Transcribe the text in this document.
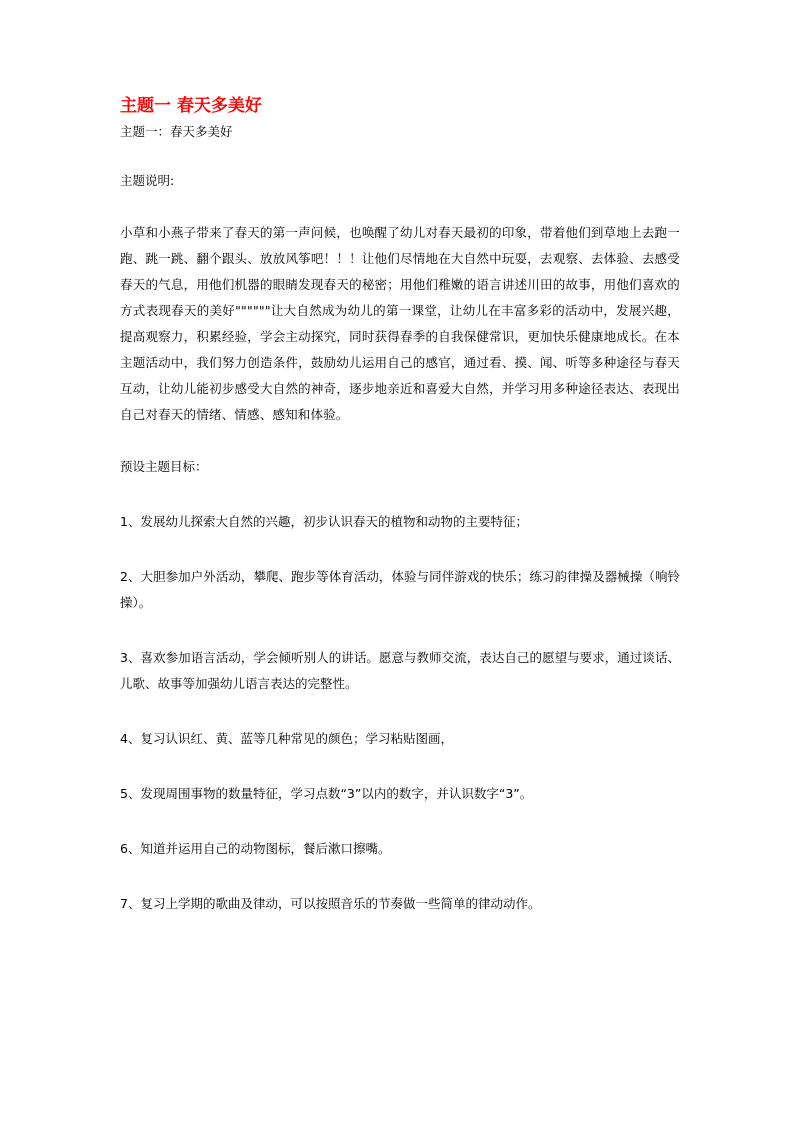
主题一 春天多美好

主题一：春天多美好

主题说明:

小草和小燕子带来了春天的第一声问候，也唤醒了幼儿对春天最初的印象，带着他们到草地上去跑一跑、跳一跳、翻个跟头、放放风筝吧！！！让他们尽情地在大自然中玩耍，去观察、去体验、去感受春天的气息，用他们机器的眼睛发现春天的秘密；用他们稚嫩的语言讲述川田的故事，用他们喜欢的方式表现春天的美好""""""让大自然成为幼儿的第一课堂，让幼儿在丰富多彩的活动中，发展兴趣，提高观察力，积累经验，学会主动探究，同时获得春季的自我保健常识，更加快乐健康地成长。在本主题活动中，我们努力创造条件，鼓励幼儿运用自己的感官，通过看、摸、闻、听等多种途径与春天互动，让幼儿能初步感受大自然的神奇，逐步地亲近和喜爱大自然，并学习用多种途径表达、表现出自己对春天的情绪、情感、感知和体验。

预设主题目标：

1、发展幼儿探索大自然的兴趣，初步认识春天的植物和动物的主要特征；

2、大胆参加户外活动，攀爬、跑步等体育活动，体验与同伴游戏的快乐；练习韵律操及器械操（响铃操）。

3、喜欢参加语言活动，学会倾听别人的讲话。愿意与教师交流，表达自己的愿望与要求，通过谈话、儿歌、故事等加强幼儿语言表达的完整性。

4、复习认识红、黄、蓝等几种常见的颜色；学习粘贴图画，

5、发现周围事物的数量特征，学习点数“3”以内的数字，并认识数字“3”。

6、知道并运用自己的动物图标，餐后漱口擦嘴。

7、复习上学期的歌曲及律动，可以按照音乐的节奏做一些简单的律动动作。
